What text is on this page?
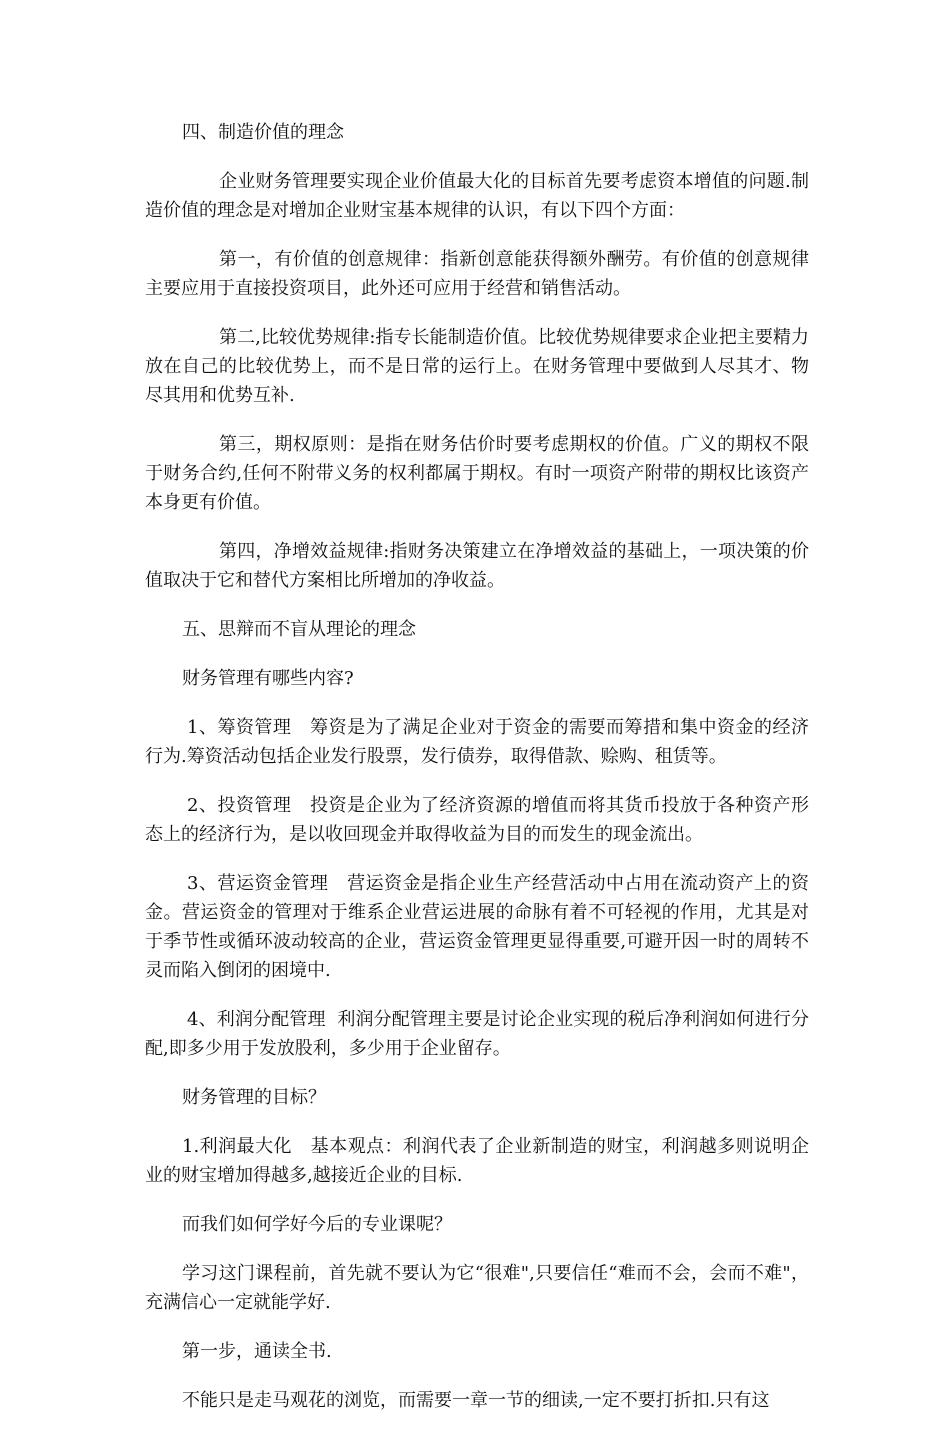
四、制造价值的理念

企业财务管理要实现企业价值最大化的目标首先要考虑资本增值的问题.制造价值的理念是对增加企业财宝基本规律的认识，有以下四个方面：

第一，有价值的创意规律：指新创意能获得额外酬劳。有价值的创意规律主要应用于直接投资项目，此外还可应用于经营和销售活动。

第二,比较优势规律:指专长能制造价值。比较优势规律要求企业把主要精力放在自己的比较优势上，而不是日常的运行上。在财务管理中要做到人尽其才、物尽其用和优势互补.

第三，期权原则：是指在财务估价时要考虑期权的价值。广义的期权不限于财务合约,任何不附带义务的权利都属于期权。有时一项资产附带的期权比该资产本身更有价值。

第四，净增效益规律:指财务决策建立在净增效益的基础上，一项决策的价值取决于它和替代方案相比所增加的净收益。

五、思辩而不盲从理论的理念

财务管理有哪些内容?

1、筹资管理   筹资是为了满足企业对于资金的需要而筹措和集中资金的经济行为.筹资活动包括企业发行股票，发行债券，取得借款、赊购、租赁等。

2、投资管理   投资是企业为了经济资源的增值而将其货币投放于各种资产形态上的经济行为，是以收回现金并取得收益为目的而发生的现金流出。

3、营运资金管理   营运资金是指企业生产经营活动中占用在流动资产上的资金。营运资金的管理对于维系企业营运进展的命脉有着不可轻视的作用，尤其是对于季节性或循环波动较高的企业，营运资金管理更显得重要,可避开因一时的周转不灵而陷入倒闭的困境中.

4、利润分配管理  利润分配管理主要是讨论企业实现的税后净利润如何进行分配,即多少用于发放股利，多少用于企业留存。

财务管理的目标？

1.利润最大化   基本观点：利润代表了企业新制造的财宝，利润越多则说明企业的财宝增加得越多,越接近企业的目标.

而我们如何学好今后的专业课呢？

学习这门课程前，首先就不要认为它“很难",只要信任“难而不会，会而不难"，充满信心一定就能学好.

第一步，通读全书.

不能只是走马观花的浏览，而需要一章一节的细读,一定不要打折扣.只有这
